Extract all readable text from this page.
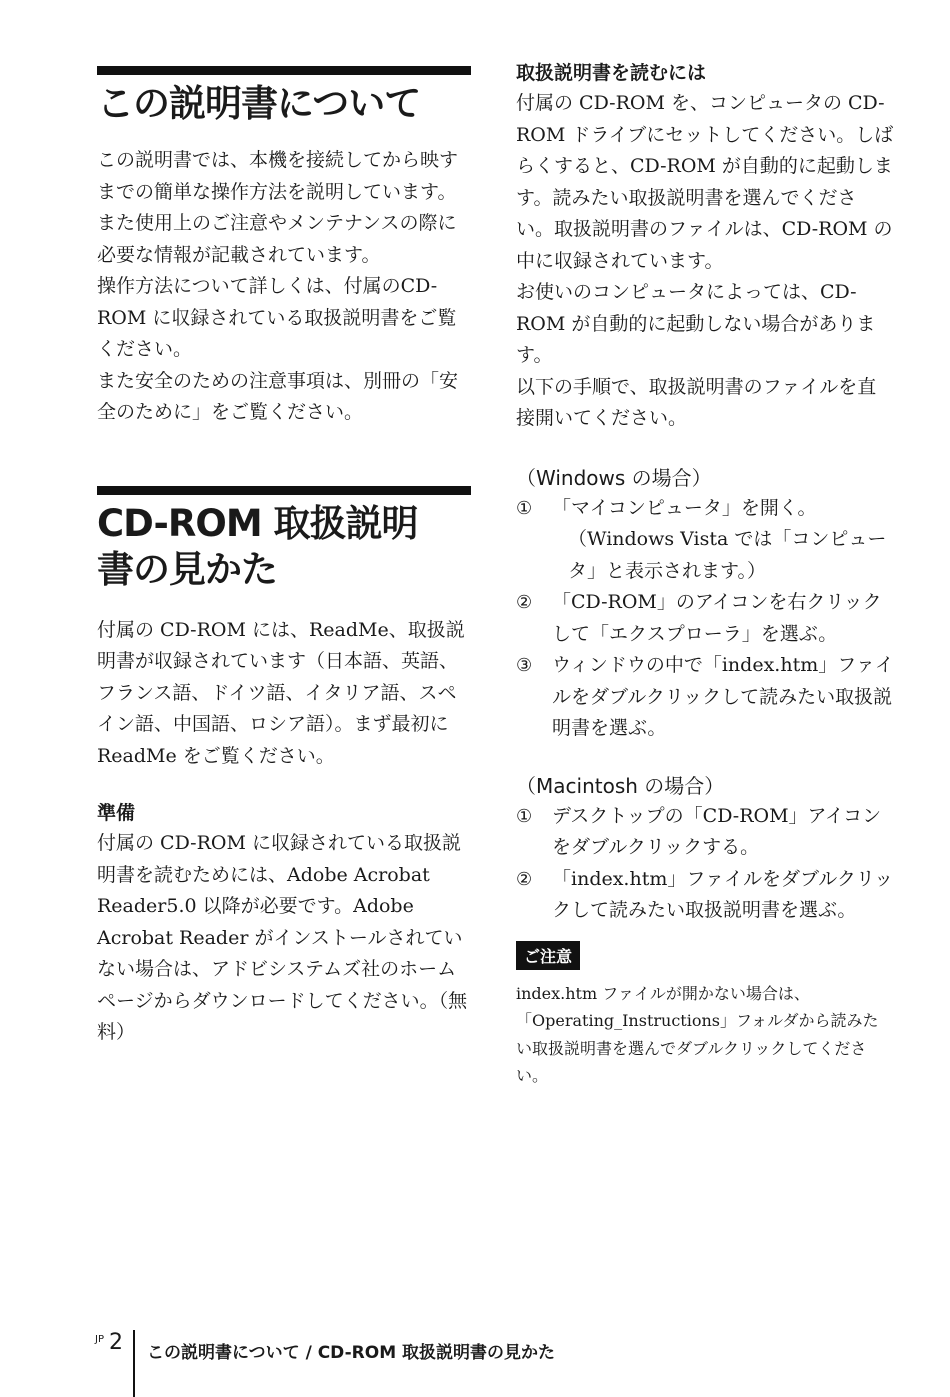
この説明書について

この説明書では、本機を接続してから映すまでの簡単な操作方法を説明しています。

また使用上のご注意やメンテナンスの際に必要な情報が記載されています。

操作方法について詳しくは、付属のCD-ROM に収録されている取扱説明書をご覧ください。

また安全のための注意事項は、別冊の「安全のために」をご覧ください。

CD-ROM 取扱説明
書の見かた

付属の CD-ROM には、ReadMe、取扱説明書が収録されています（日本語、英語、フランス語、ドイツ語、イタリア語、スペイン語、中国語、ロシア語）。まず最初に ReadMe をご覧ください。

準備

付属の CD-ROM に収録されている取扱説明書を読むためには、Adobe Acrobat Reader5.0 以降が必要です。Adobe Acrobat Reader がインストールされていない場合は、アドビシステムズ社のホームページからダウンロードしてください。（無料）

取扱説明書を読むには

付属の CD-ROM を、コンピュータの CD-ROM ドライブにセットしてください。しばらくすると、CD-ROM が自動的に起動します。読みたい取扱説明書を選んでください。取扱説明書のファイルは、CD-ROM の中に収録されています。

お使いのコンピュータによっては、CD-ROM が自動的に起動しない場合があります。

以下の手順で、取扱説明書のファイルを直接開いてください。

（Windows の場合）
①	「マイコンピュータ」を開く。
（Windows Vista では「コンピュータ」と表示されます。）
②	「CD-ROM」のアイコンを右クリックして「エクスプローラ」を選ぶ。
③	ウィンドウの中で「index.htm」ファイルをダブルクリックして読みたい取扱説明書を選ぶ。
（Macintosh の場合）
①	デスクトップの「CD-ROM」アイコンをダブルクリックする。
②	「index.htm」ファイルをダブルクリックして読みたい取扱説明書を選ぶ。
ご注意

index.htm ファイルが開かない場合は、「Operating_Instructions」フォルダから読みたい取扱説明書を選んでダブルクリックしてください。

JP 2 この説明書について / CD-ROM 取扱説明書の見かた
